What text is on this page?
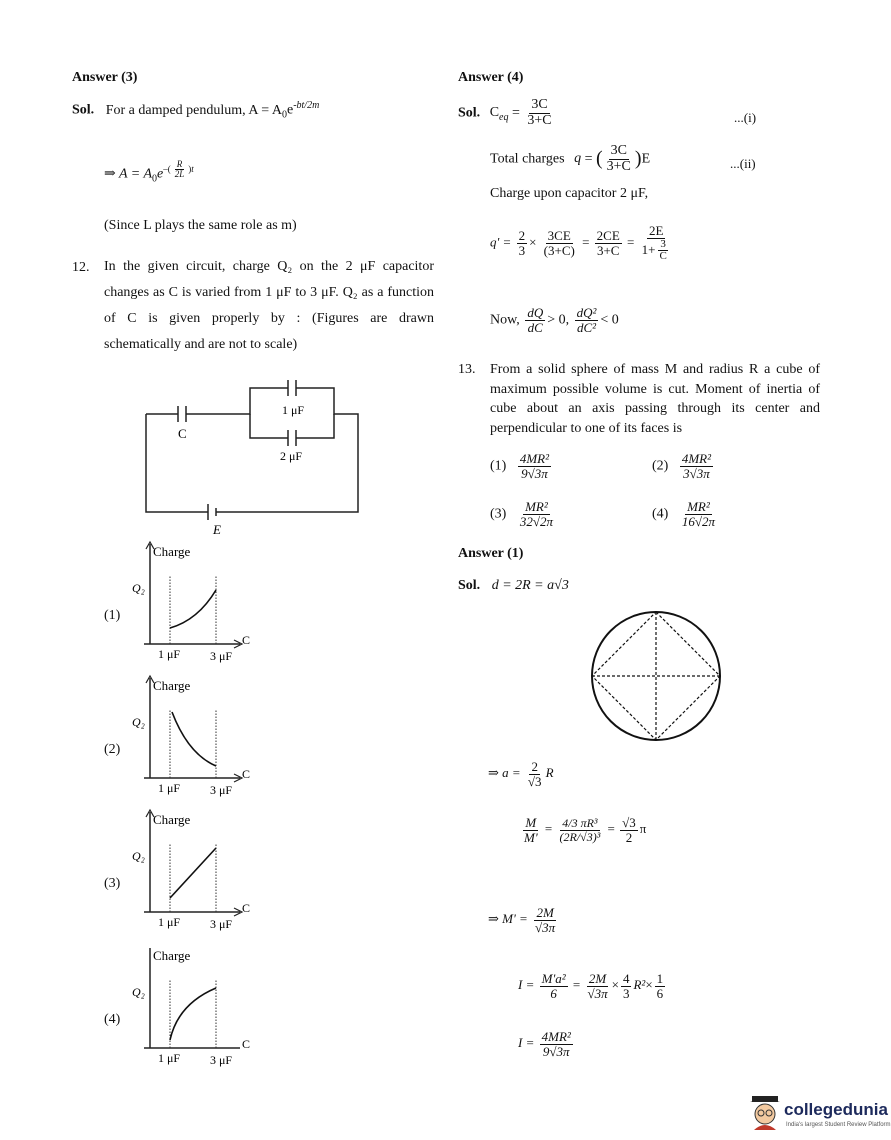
Answer (3)
Sol. For a damped pendulum, $A = A_0e^{-bt/2m}$
⇒ $A = A_0e^{-( \frac{R}{2L} )t}$
(Since L plays the same role as m)
12. In the given circuit, charge Q₂ on the 2 μF capacitor changes as C is varied from 1 μF to 3 μF. Q₂ as a function of C is given properly by : (Figures are drawn schematically and are not to scale)
C
1 μF
2 μF
E
(1)
Charge
Q₂
1 μF 3 μF
C
(2)
Charge
Q₂
1 μF 3 μF
C
(3)
Charge
Q₂
1 μF 3 μF
C
(4)
Charge
Q₂
1 μF 3 μF
C
Answer (4)
Sol. $C_{eq} = \frac{3C}{3+C}$	...(i)
Total charges q = ( $\frac{3C}{3+C} )E$	...(ii)
Charge upon capacitor 2 μF,
$q' = \frac{2}{3} \times \frac{3CE}{(3+C)} = \frac{2CE}{3+C} = \frac{2E}{1+ \frac{3}{C}}$
Now, $\frac{dQ}{dC} > 0$, $\frac{\text{dQ²}}{\text{dC²}} < 0$
13. From a solid sphere of mass M and radius R a cube of maximum possible volume is cut. Moment of inertia of cube about an axis passing through its center and perpendicular to one of its faces is
$(1) \frac{\text{4MR²}}{9√3\pi}$	$(2) \frac{\text{4MR²}}{3√3\pi}$
$(3) \frac{\text{MR²}}{32√2\pi}$	$(4) \frac{\text{MR²}}{16√2\pi}$
Answer (1)
Sol. d = 2R = a√3
⇒ $a = \frac{2}{√3}$ R
$\frac{M}{M'} = \frac{\text{4/3 πR³}}{\text{(2R/√3)³}} = \frac{√3}{2}$ π
⇒ $M' = \frac{2M}{√3\pi}$
$I = \frac{\text{M'a²}}{6} = \frac{2M}{√3\pi} \times \frac{4}{3} R^2\times \frac{1}{6}$
$I = \frac{\text{4MR²}}{9√3\pi}$
collegedunia
India's largest Student Review Platform
